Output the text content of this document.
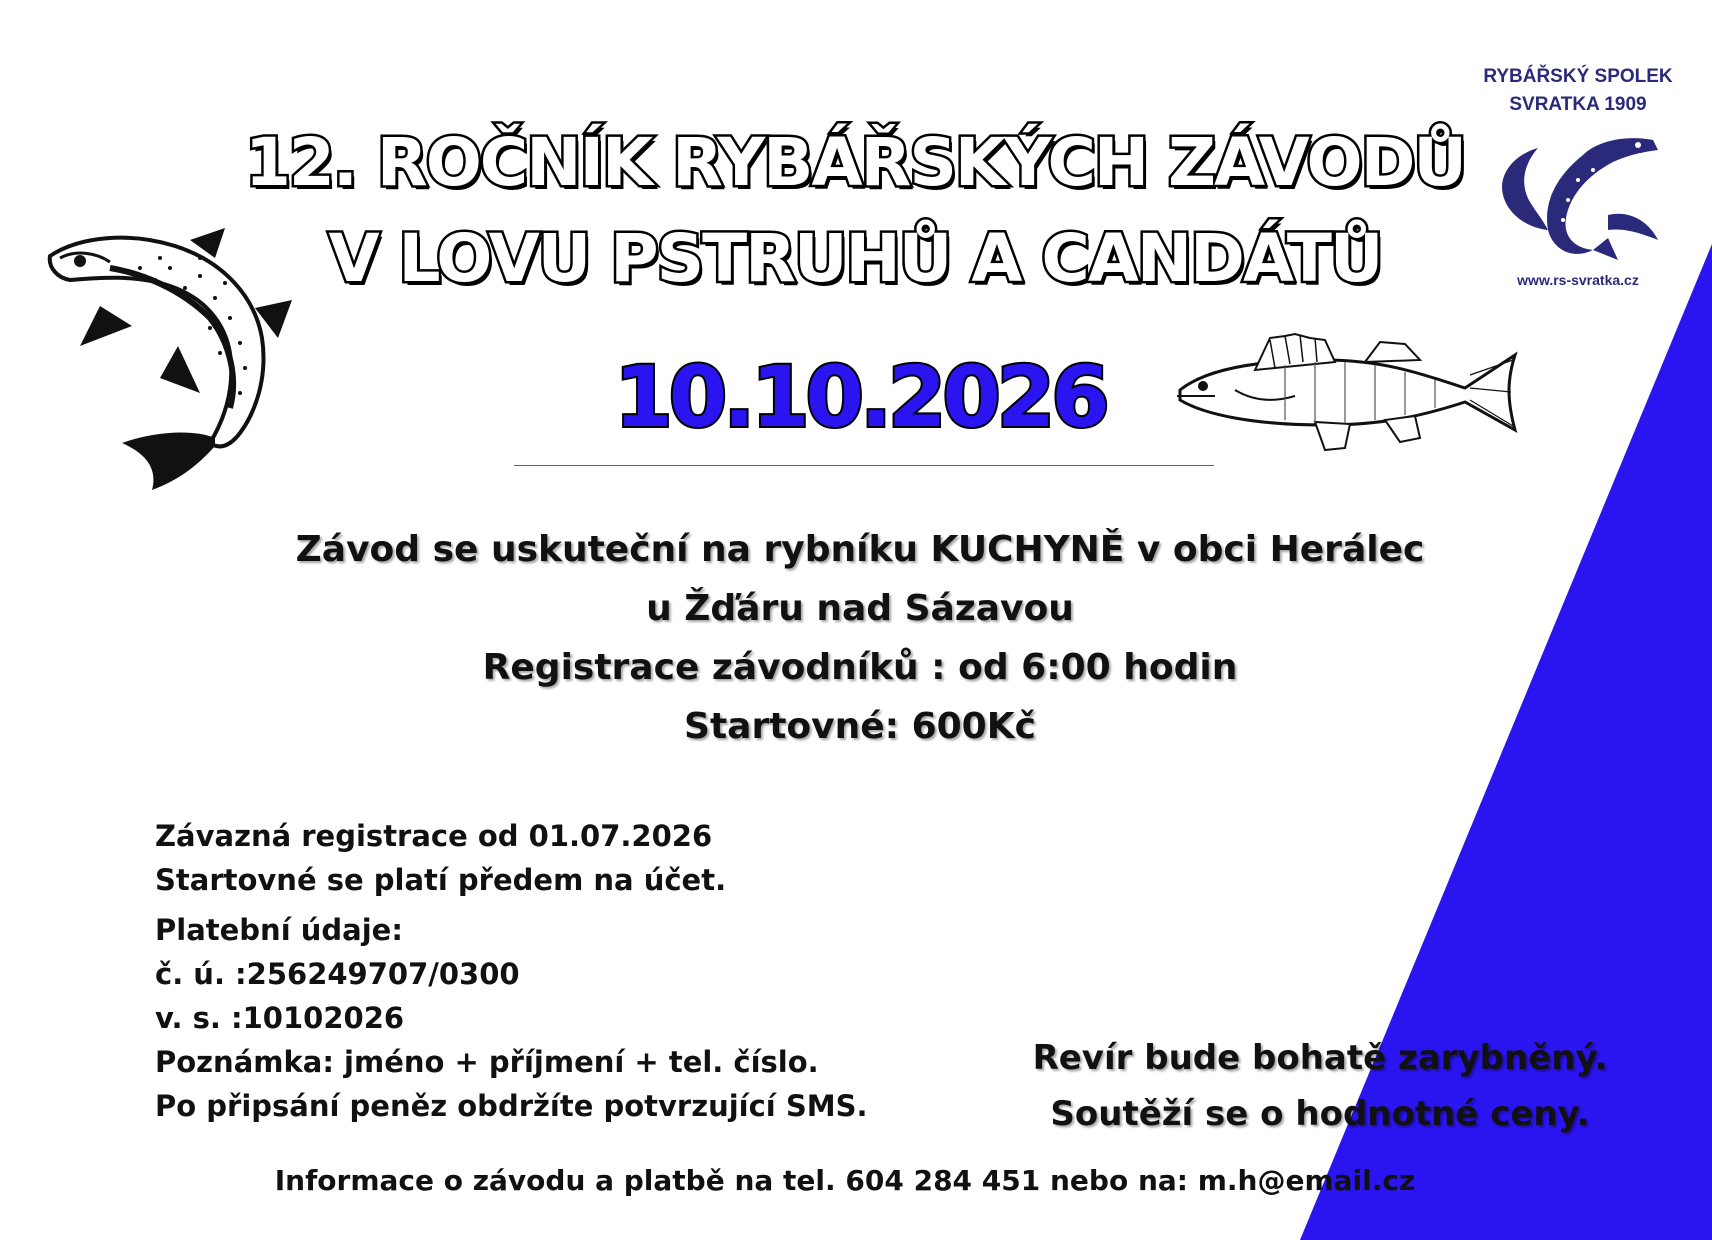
12. ROČNÍK RYBÁŘSKÝCH ZÁVODŮ
V LOVU PSTRUHŮ A CANDÁTŮ
10.10.2026
RYBÁŘSKÝ SPOLEK
SVRATKA 1909
www.rs-svratka.cz
Závod se uskuteční na rybníku KUCHYNĚ v obci Herálec
u Žďáru nad Sázavou
Registrace závodníků : od 6:00 hodin
Startovné: 600Kč
Závazná registrace od 01.07.2026
Startovné se platí předem na účet.
Platební údaje:
č. ú. :256249707/0300
v. s. :10102026
Poznámka: jméno + příjmení + tel. číslo.
Po připsání peněz obdržíte potvrzující SMS.
Revír bude bohatě zarybněný.
Soutěží se o hodnotné ceny.
Informace o závodu a platbě na tel. 604 284 451 nebo na: m.h@email.cz
